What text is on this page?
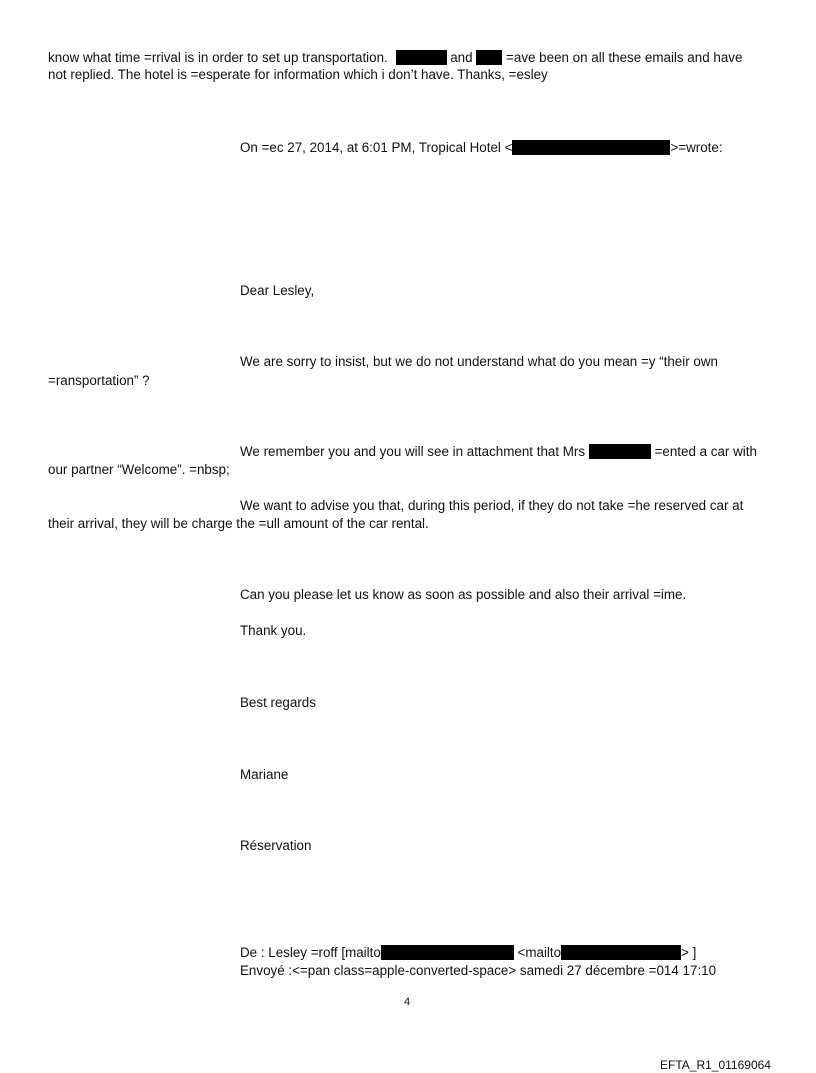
know what time =rrival is in order to set up transportation.	and =ave been on all these emails and have
not replied. The hotel is =esperate for information which i don’t have. Thanks, =esley
On =ec 27, 2014, at 6:01 PM, Tropical Hotel <	>=wrote:
Dear Lesley,
We are sorry to insist, but we do not understand what do you mean =y “their own
=ransportation” ?
We remember you and you will see in attachment that Mrs	=ented a car with
our partner “Welcome”. =nbsp;
We want to advise you that, during this period, if they do not take =he reserved car at
their arrival, they will be charge the =ull amount of the car rental.
Can you please let us know as soon as possible and also their arrival =ime.
Thank you.
Best regards
Mariane
Réservation
De : Lesley =roff [mailto	<mailto	> ]
Envoyé :<=pan class=apple-converted-space> samedi 27 décembre =014 17:10
4
EFTA_R1_01169064
